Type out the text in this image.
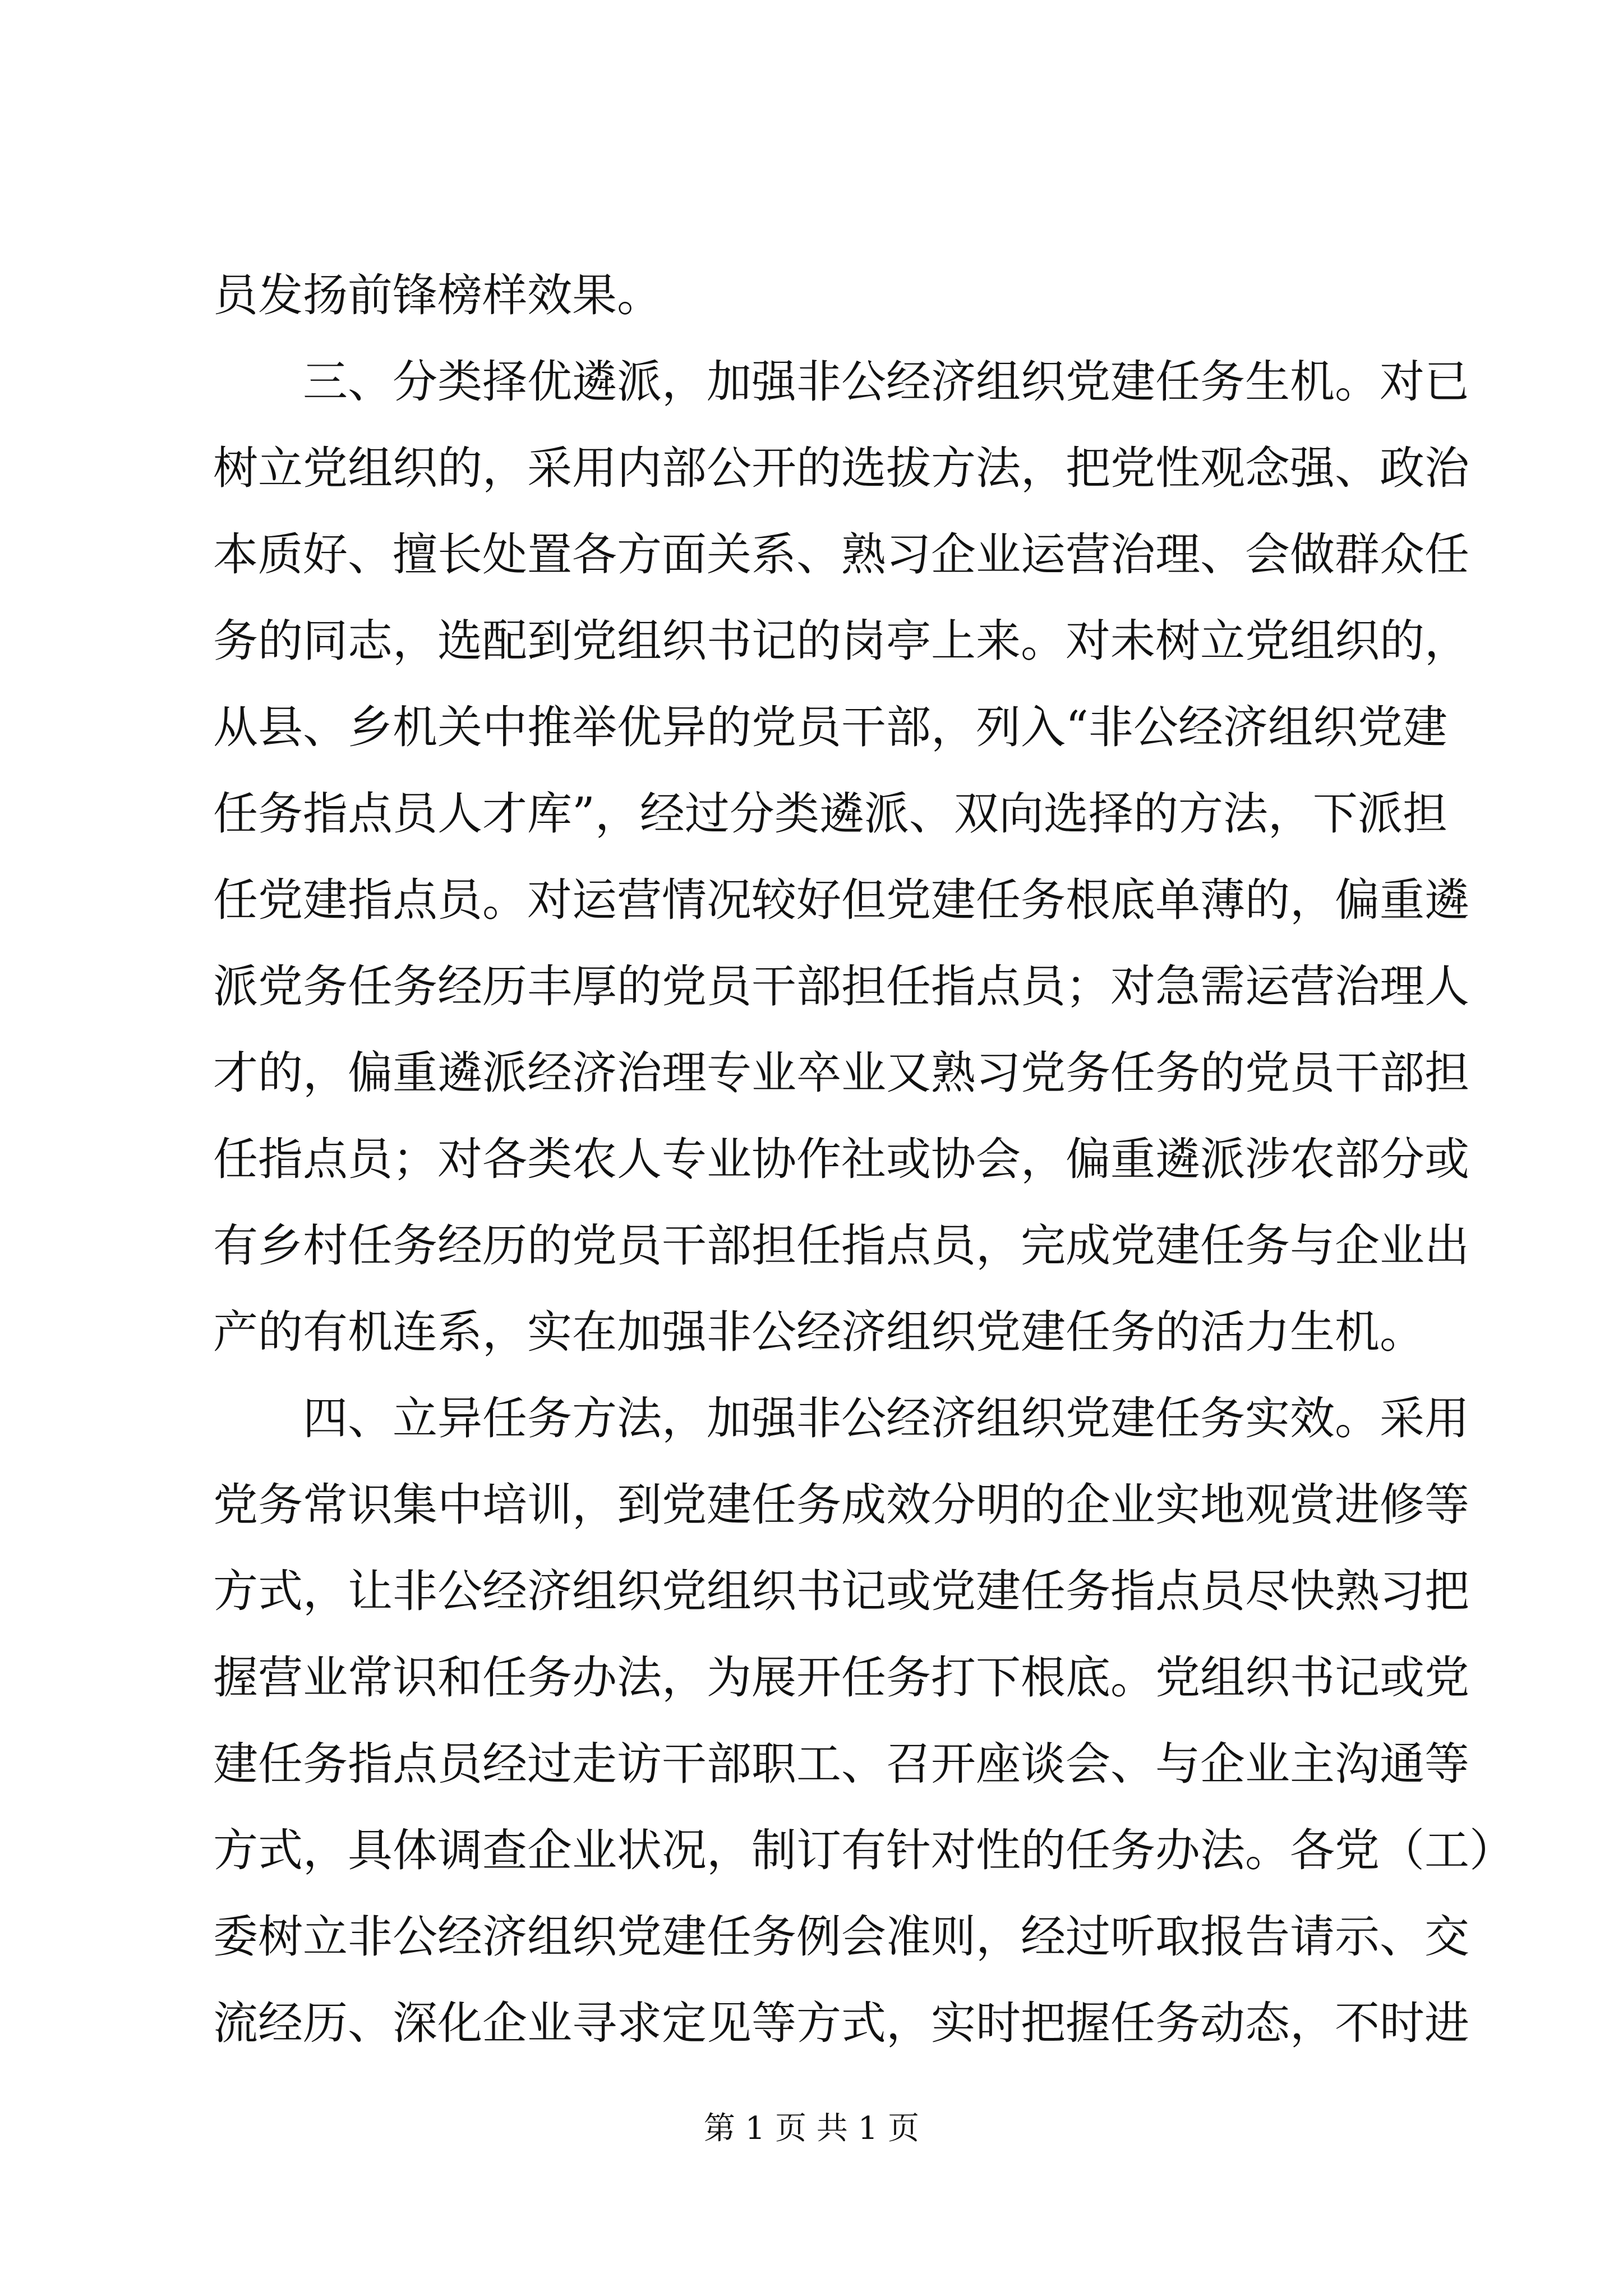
员发扬前锋榜样效果。
三、分类择优遴派，加强非公经济组织党建任务生机。对已
树立党组织的，采用内部公开的选拔方法，把党性观念强、政治
本质好、擅长处置各方面关系、熟习企业运营治理、会做群众任
务的同志，选配到党组织书记的岗亭上来。对未树立党组织的，
从县、乡机关中推举优异的党员干部，列入“非公经济组织党建
任务指点员人才库”，经过分类遴派、双向选择的方法，下派担
任党建指点员。对运营情况较好但党建任务根底单薄的，偏重遴
派党务任务经历丰厚的党员干部担任指点员；对急需运营治理人
才的，偏重遴派经济治理专业卒业又熟习党务任务的党员干部担
任指点员；对各类农人专业协作社或协会，偏重遴派涉农部分或
有乡村任务经历的党员干部担任指点员，完成党建任务与企业出
产的有机连系，实在加强非公经济组织党建任务的活力生机。
四、立异任务方法，加强非公经济组织党建任务实效。采用
党务常识集中培训，到党建任务成效分明的企业实地观赏进修等
方式，让非公经济组织党组织书记或党建任务指点员尽快熟习把
握营业常识和任务办法，为展开任务打下根底。党组织书记或党
建任务指点员经过走访干部职工、召开座谈会、与企业主沟通等
方式，具体调查企业状况，制订有针对性的任务办法。各党（工）
委树立非公经济组织党建任务例会准则，经过听取报告请示、交
流经历、深化企业寻求定见等方式，实时把握任务动态，不时进
第 1 页 共 1 页
